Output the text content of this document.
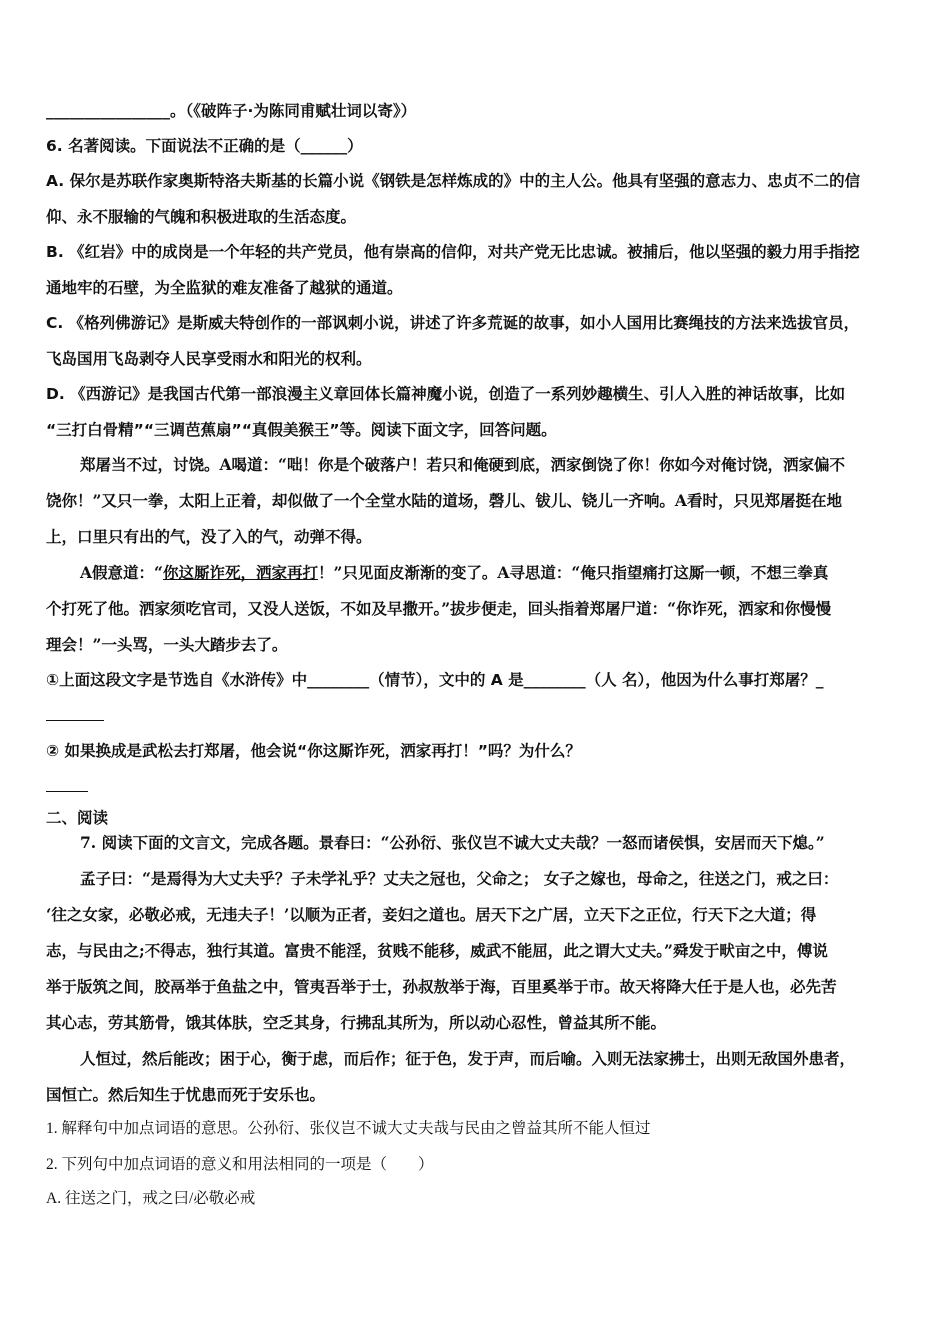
________________。（《破阵子·为陈同甫赋壮词以寄》）
6. 名著阅读。下面说法不正确的是（______）
A. 保尔是苏联作家奥斯特洛夫斯基的长篇小说《钢铁是怎样炼成的》中的主人公。他具有坚强的意志力、忠贞不二的信
仰、永不服输的气魄和积极进取的生活态度。
B. 《红岩》中的成岗是一个年轻的共产党员，他有崇高的信仰，对共产党无比忠诚。被捕后，他以坚强的毅力用手指挖
通地牢的石壁，为全监狱的难友准备了越狱的通道。
C. 《格列佛游记》是斯威夫特创作的一部讽刺小说，讲述了许多荒诞的故事，如小人国用比赛绳技的方法来选拔官员，
飞岛国用飞岛剥夺人民享受雨水和阳光的权利。
D. 《西游记》是我国古代第一部浪漫主义章回体长篇神魔小说，创造了一系列妙趣横生、引人入胜的神话故事，比如
“三打白骨精”“三调芭蕉扇”“真假美猴王”等。阅读下面文字，回答问题。
郑屠当不过，讨饶。A喝道：“咄！你是个破落户！若只和俺硬到底，洒家倒饶了你！你如今对俺讨饶，洒家偏不
饶你！”又只一拳，太阳上正着，却似做了一个全堂水陆的道场，磬儿、钹儿、铙儿一齐响。A看时，只见郑屠挺在地
上，口里只有出的气，没了入的气，动弹不得。
A假意道：“你这厮诈死，洒家再打！”只见面皮渐渐的变了。A寻思道：“俺只指望痛打这厮一顿，不想三拳真
个打死了他。洒家须吃官司，又没人送饭，不如及早撒开。”拔步便走，回头指着郑屠尸道：“你诈死，洒家和你慢慢
理会！”一头骂，一头大踏步去了。
①上面这段文字是节选自《水浒传》中________（情节），文中的 A 是________（人 名），他因为什么事打郑屠？_
② 如果换成是武松去打郑屠，他会说“你这厮诈死，洒家再打！”吗？为什么？
二、阅读
7. 阅读下面的文言文，完成各题。景春曰：“公孙衍、张仪岂不诚大丈夫哉？一怒而诸侯惧，安居而天下熄。”
孟子曰：“是焉得为大丈夫乎？子未学礼乎？丈夫之冠也，父命之； 女子之嫁也，母命之，往送之门，戒之曰：
‘往之女家，必敬必戒，无违夫子！’以顺为正者，妾妇之道也。居天下之广居，立天下之正位，行天下之大道；得
志，与民由之;不得志，独行其道。富贵不能淫，贫贱不能移，威武不能屈，此之谓大丈夫。”舜发于畎亩之中，傅说
举于版筑之间，胶鬲举于鱼盐之中，管夷吾举于士，孙叔敖举于海，百里奚举于市。故天将降大任于是人也，必先苦
其心志，劳其筋骨，饿其体肤，空乏其身，行拂乱其所为，所以动心忍性，曾益其所不能。
人恒过，然后能改；困于心，衡于虑，而后作；征于色，发于声，而后喻。入则无法家拂士，出则无敌国外患者，
国恒亡。然后知生于忧患而死于安乐也。
1. 解释句中加点词语的意思。公孙衍、张仪岂不诚大丈夫哉与民由之曾益其所不能人恒过
2. 下列句中加点词语的意义和用法相同的一项是（　　）
A. 往送之门，戒之曰/必敬必戒
